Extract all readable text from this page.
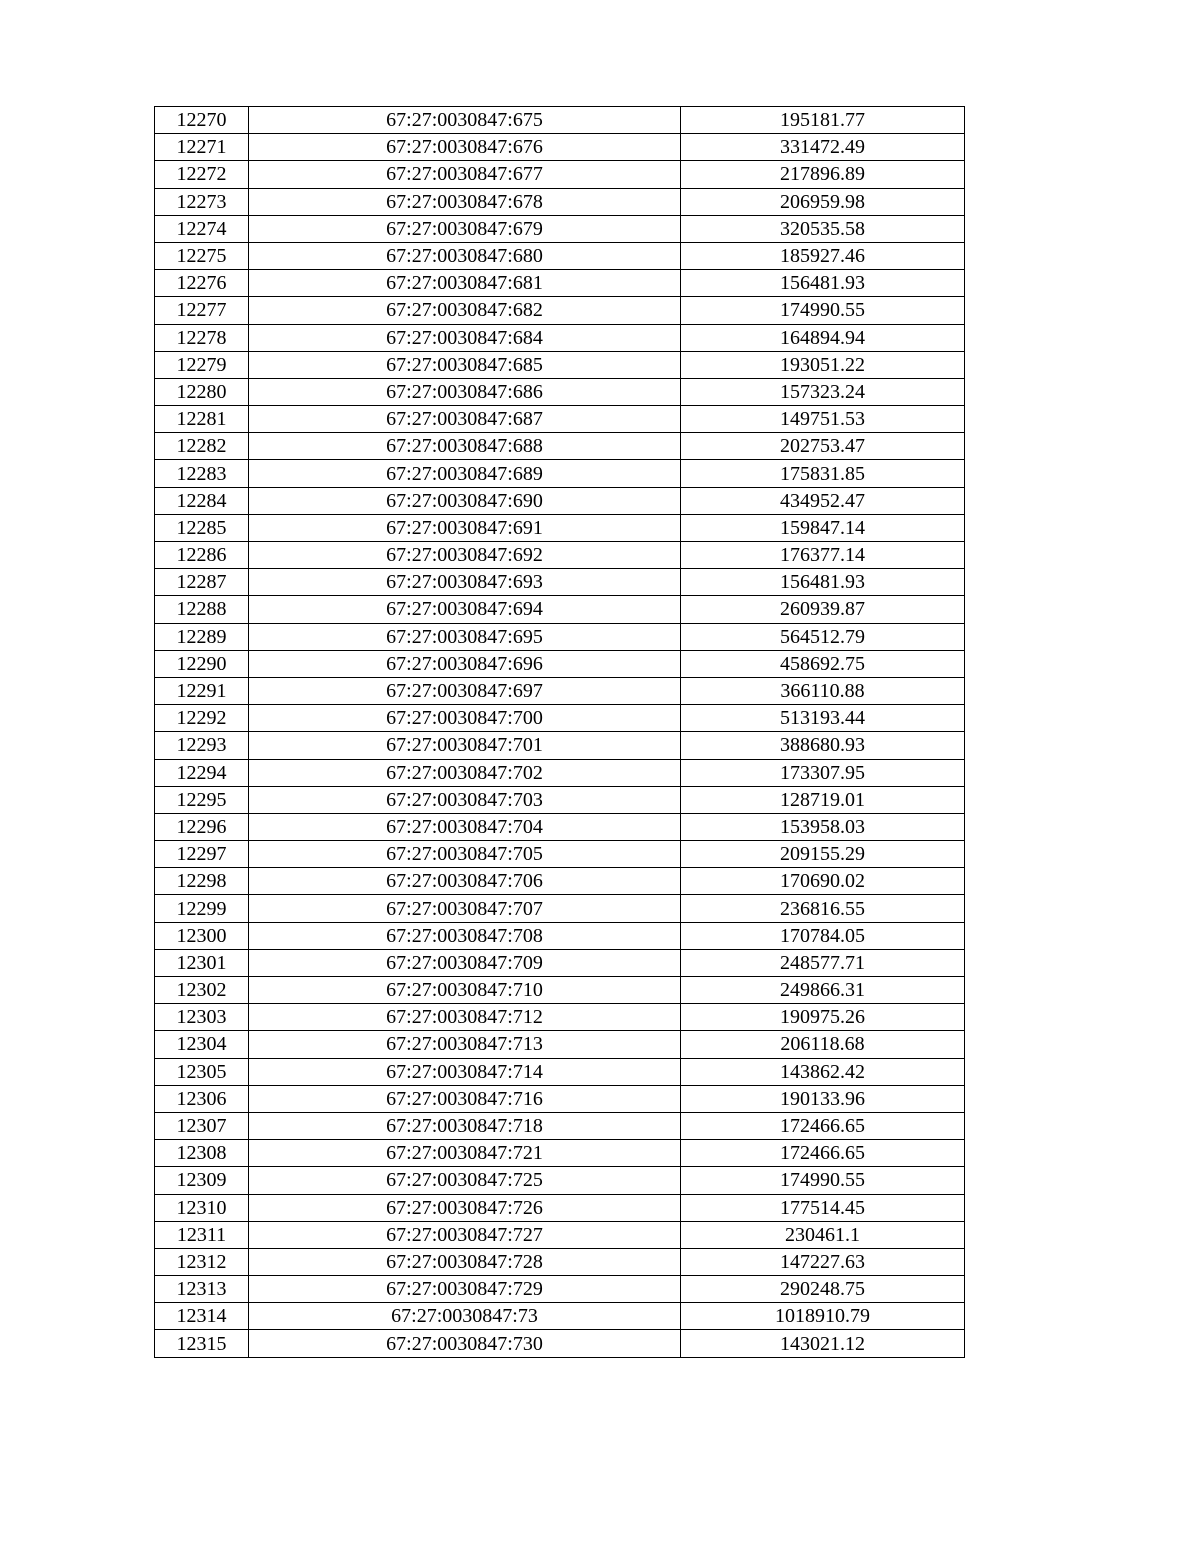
12270	67:27:0030847:675	195181.77
12271	67:27:0030847:676	331472.49
12272	67:27:0030847:677	217896.89
12273	67:27:0030847:678	206959.98
12274	67:27:0030847:679	320535.58
12275	67:27:0030847:680	185927.46
12276	67:27:0030847:681	156481.93
12277	67:27:0030847:682	174990.55
12278	67:27:0030847:684	164894.94
12279	67:27:0030847:685	193051.22
12280	67:27:0030847:686	157323.24
12281	67:27:0030847:687	149751.53
12282	67:27:0030847:688	202753.47
12283	67:27:0030847:689	175831.85
12284	67:27:0030847:690	434952.47
12285	67:27:0030847:691	159847.14
12286	67:27:0030847:692	176377.14
12287	67:27:0030847:693	156481.93
12288	67:27:0030847:694	260939.87
12289	67:27:0030847:695	564512.79
12290	67:27:0030847:696	458692.75
12291	67:27:0030847:697	366110.88
12292	67:27:0030847:700	513193.44
12293	67:27:0030847:701	388680.93
12294	67:27:0030847:702	173307.95
12295	67:27:0030847:703	128719.01
12296	67:27:0030847:704	153958.03
12297	67:27:0030847:705	209155.29
12298	67:27:0030847:706	170690.02
12299	67:27:0030847:707	236816.55
12300	67:27:0030847:708	170784.05
12301	67:27:0030847:709	248577.71
12302	67:27:0030847:710	249866.31
12303	67:27:0030847:712	190975.26
12304	67:27:0030847:713	206118.68
12305	67:27:0030847:714	143862.42
12306	67:27:0030847:716	190133.96
12307	67:27:0030847:718	172466.65
12308	67:27:0030847:721	172466.65
12309	67:27:0030847:725	174990.55
12310	67:27:0030847:726	177514.45
12311	67:27:0030847:727	230461.1
12312	67:27:0030847:728	147227.63
12313	67:27:0030847:729	290248.75
12314	67:27:0030847:73	1018910.79
12315	67:27:0030847:730	143021.12
